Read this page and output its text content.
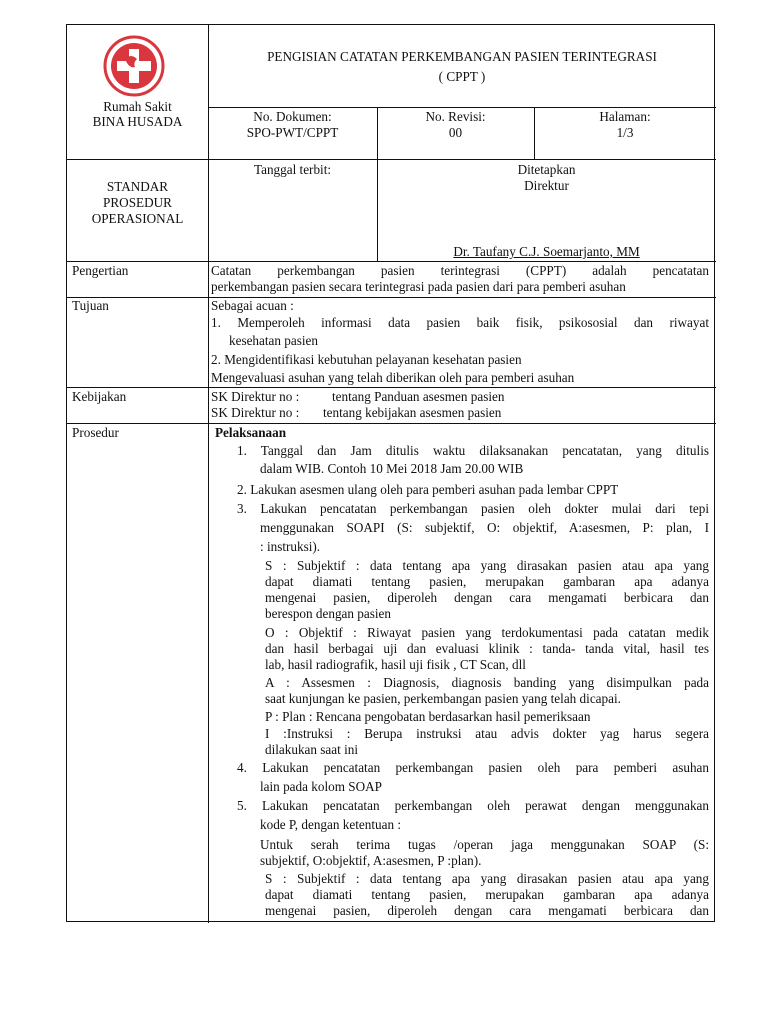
Rumah Sakit
BINA HUSADA
PENGISIAN CATATAN PERKEMBANGAN PASIEN TERINTEGRASI
( CPPT )
No. Dokumen:
SPO-PWT/CPPT
No. Revisi:
00
Halaman:
1/3
STANDAR
PROSEDUR
OPERASIONAL
Tanggal terbit:	Ditetapkan
Direktur
Dr. Taufany C.J. Soemarjanto, MM
Pengertian	Catatan perkembangan pasien terintegrasi (CPPT) adalah pencatatan
perkembangan pasien secara terintegrasi pada pasien dari para pemberi asuhan
Tujuan	Sebagai acuan :
1. Memperoleh informasi data pasien baik fisik, psikososial dan riwayat
kesehatan pasien
2. Mengidentifikasi kebutuhan pelayanan kesehatan pasien
Mengevaluasi asuhan yang telah diberikan oleh para pemberi asuhan
Kebijakan	SK Direktur no : tentang Panduan asesmen pasien
SK Direktur no : tentang kebijakan asesmen pasien
Prosedur	Pelaksanaan
1. Tanggal dan Jam ditulis waktu dilaksanakan pencatatan, yang ditulis
dalam WIB. Contoh 10 Mei 2018 Jam 20.00 WIB
2. Lakukan asesmen ulang oleh para pemberi asuhan pada lembar CPPT
3. Lakukan pencatatan perkembangan pasien oleh dokter mulai dari tepi
menggunakan SOAPI (S: subjektif, O: objektif, A:asesmen, P: plan, I
: instruksi).
S : Subjektif : data tentang apa yang dirasakan pasien atau apa yang
dapat diamati tentang pasien, merupakan gambaran apa adanya
mengenai pasien, diperoleh dengan cara mengamati berbicara dan
berespon dengan pasien
O : Objektif : Riwayat pasien yang terdokumentasi pada catatan medik
dan hasil berbagai uji dan evaluasi klinik : tanda- tanda vital, hasil tes
lab, hasil radiografik, hasil uji fisik , CT Scan, dll
A : Assesmen : Diagnosis, diagnosis banding yang disimpulkan pada
saat kunjungan ke pasien, perkembangan pasien yang telah dicapai.
P : Plan : Rencana pengobatan berdasarkan hasil pemeriksaan
I :Instruksi : Berupa instruksi atau advis dokter yag harus segera
dilakukan saat ini
4. Lakukan pencatatan perkembangan pasien oleh para pemberi asuhan
lain pada kolom SOAP
5. Lakukan pencatatan perkembangan oleh perawat dengan menggunakan
kode P, dengan ketentuan :
Untuk serah terima tugas /operan jaga menggunakan SOAP (S:
subjektif, O:objektif, A:asesmen, P :plan).
S : Subjektif : data tentang apa yang dirasakan pasien atau apa yang
dapat diamati tentang pasien, merupakan gambaran apa adanya
mengenai pasien, diperoleh dengan cara mengamati berbicara dan
